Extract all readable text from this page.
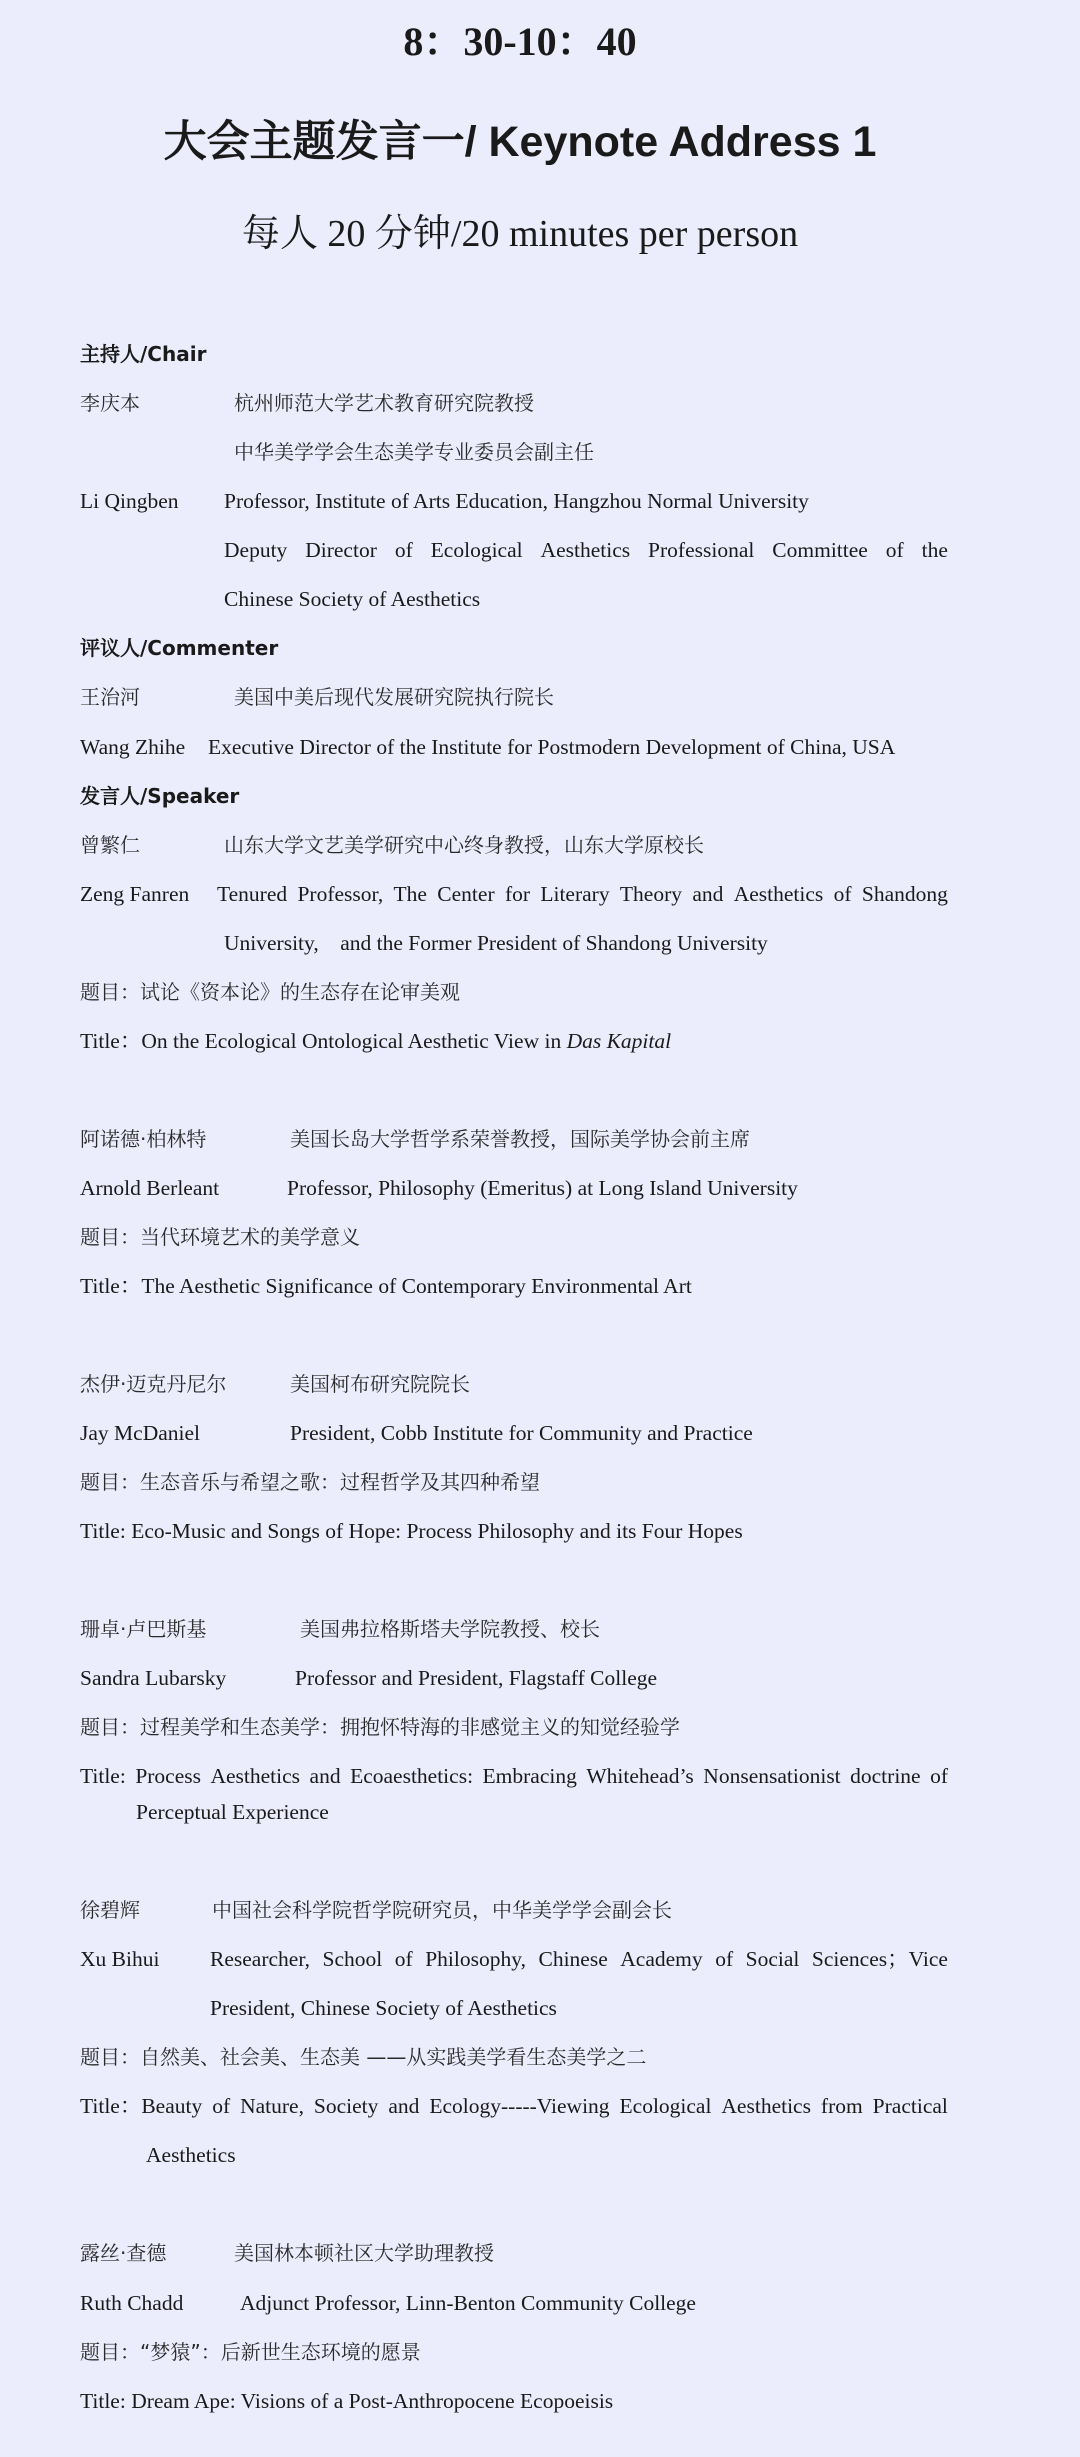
8：30-10：40
大会主题发言一/ Keynote Address 1
每人 20 分钟/20 minutes per person
主持人/Chair
李庆本	杭州师范大学艺术教育研究院教授
中华美学学会生态美学专业委员会副主任
Li Qingben Professor, Institute of Arts Education, Hangzhou Normal University
Deputy Director of Ecological Aesthetics Professional Committee of the
Chinese Society of Aesthetics
评议人/Commenter
王治河	美国中美后现代发展研究院执行院长
Wang Zhihe Executive Director of the Institute for Postmodern Development of China, USA
发言人/Speaker
曾繁仁	山东大学文艺美学研究中心终身教授，山东大学原校长
Zeng Fanren Tenured Professor, The Center for Literary Theory and Aesthetics of Shandong
University,    and the Former President of Shandong University
题目：试论《资本论》的生态存在论审美观
Title：On the Ecological Ontological Aesthetic View in Das Kapital
阿诺德·柏林特	美国长岛大学哲学系荣誉教授，国际美学协会前主席
Arnold Berleant	Professor, Philosophy (Emeritus) at Long Island University
题目：当代环境艺术的美学意义
Title：The Aesthetic Significance of Contemporary Environmental Art
杰伊·迈克丹尼尔	美国柯布研究院院长
Jay McDaniel	President, Cobb Institute for Community and Practice
题目：生态音乐与希望之歌：过程哲学及其四种希望
Title: Eco-Music and Songs of Hope: Process Philosophy and its Four Hopes
珊卓·卢巴斯基	美国弗拉格斯塔夫学院教授、校长
Sandra Lubarsky	Professor and President, Flagstaff College
题目：过程美学和生态美学：拥抱怀特海的非感觉主义的知觉经验学
Title: Process Aesthetics and Ecoaesthetics: Embracing Whitehead’s Nonsensationist doctrine of
Perceptual Experience
徐碧辉	中国社会科学院哲学院研究员，中华美学学会副会长
Xu Bihui Researcher, School of Philosophy, Chinese Academy of Social Sciences；Vice
President, Chinese Society of Aesthetics
题目：自然美、社会美、生态美 ——从实践美学看生态美学之二
Title：Beauty of Nature, Society and Ecology-----Viewing Ecological Aesthetics from Practical
Aesthetics
露丝·查德	美国林本顿社区大学助理教授
Ruth Chadd	Adjunct Professor, Linn-Benton Community College
题目：“梦猿”：后新世生态环境的愿景
Title: Dream Ape: Visions of a Post-Anthropocene Ecopoeisis
